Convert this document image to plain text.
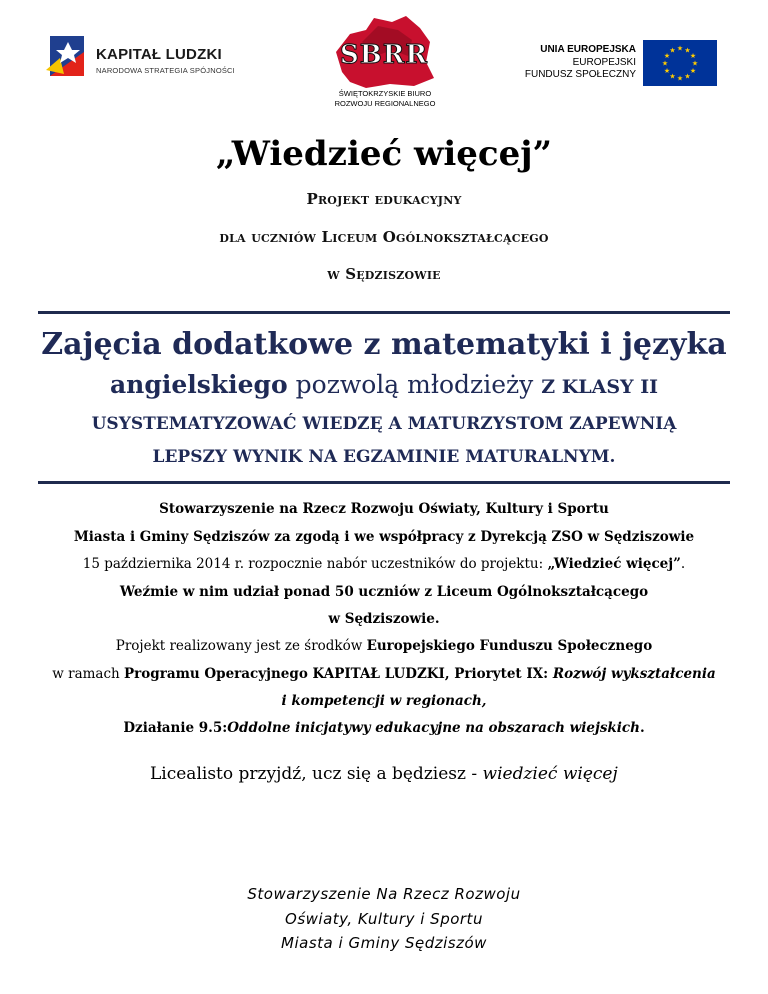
KAPITAŁ LUDZKI
NARODOWA STRATEGIA SPÓJNOŚCI
SBRR
ŚWIĘTOKRZYSKIE BIURO
ROZWOJU REGIONALNEGO
UNIA EUROPEJSKA
EUROPEJSKI
FUNDUSZ SPOŁECZNY
★ ★
★
★
★
★
★
★
★
★
★
★
„Wiedzieć więcej”
Projekt edukacyjny
dla uczniów Liceum Ogólnokształcącego
w Sędziszowie
Zajęcia dodatkowe z matematyki i języka
angielskiego pozwolą młodzieży Z KLASY II
USYSTEMATYZOWAĆ WIEDZĘ A MATURZYSTOM ZAPEWNIĄ
LEPSZY WYNIK NA EGZAMINIE MATURALNYM.
Stowarzyszenie na Rzecz Rozwoju Oświaty, Kultury i Sportu
Miasta i Gminy Sędziszów za zgodą i we współpracy z Dyrekcją ZSO w Sędziszowie
15 października 2014 r. rozpocznie nabór uczestników do projektu: „Wiedzieć więcej”.
Weźmie w nim udział ponad 50 uczniów z Liceum Ogólnokształcącego
w Sędziszowie.
Projekt realizowany jest ze środków Europejskiego Funduszu Społecznego
w ramach Programu Operacyjnego KAPITAŁ LUDZKI, Priorytet IX: Rozwój wykształcenia
i kompetencji w regionach,
Działanie 9.5:Oddolne inicjatywy edukacyjne na obszarach wiejskich.
Licealisto przyjdź, ucz się a będziesz - wiedzieć więcej
Stowarzyszenie Na Rzecz Rozwoju
Oświaty, Kultury i Sportu
Miasta i Gminy Sędziszów
